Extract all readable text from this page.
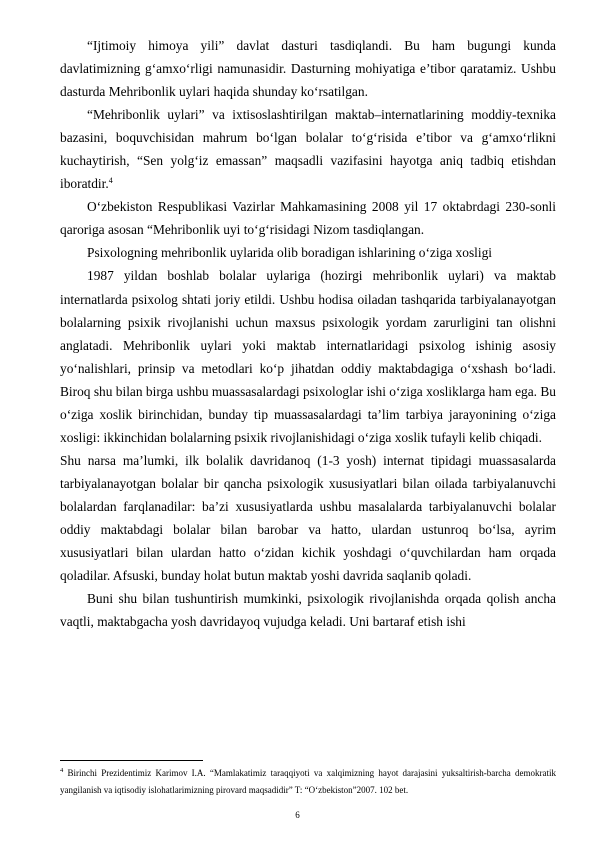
“Ijtimoiy himoya yili” davlat dasturi tasdiqlandi. Bu ham bugungi kunda davlatimizning g‘amxo‘rligi namunasidir. Dasturning mohiyatiga e’tibor qaratamiz. Ushbu dasturda Mehribonlik uylari haqida shunday ko‘rsatilgan.

“Mehribonlik uylari” va ixtisoslashtirilgan maktab–internatlarining moddiy-texnika bazasini, boquvchisidan mahrum bo‘lgan bolalar to‘g‘risida e’tibor va g‘amxo‘rlikni kuchaytirish, “Sen yolg‘iz emassan” maqsadli vazifasini hayotga aniq tadbiq etishdan iboratdir.$^4$

O‘zbekiston Respublikasi Vazirlar Mahkamasining 2008 yil 17 oktabrdagi 230-sonli qaroriga asosan “Mehribonlik uyi to‘g‘risidagi Nizom tasdiqlangan.

Psixologning mehribonlik uylarida olib boradigan ishlarining o‘ziga xosligi

1987 yildan boshlab bolalar uylariga (hozirgi mehribonlik uylari) va maktab internatlarda psixolog shtati joriy etildi. Ushbu hodisa oiladan tashqarida tarbiyalanayotgan bolalarning psixik rivojlanishi uchun maxsus psixologik yordam zarurligini tan olishni anglatadi. Mehribonlik uylari yoki maktab internatlaridagi psixolog ishinig asosiy yo‘nalishlari, prinsip va metodlari ko‘p jihatdan oddiy maktabdagiga o‘xshash bo‘ladi. Biroq shu bilan birga ushbu muassasalardagi psixologlar ishi o‘ziga xosliklarga ham ega. Bu o‘ziga xoslik birinchidan, bunday tip muassasalardagi ta’lim tarbiya jarayonining o‘ziga xosligi: ikkinchidan bolalarning psixik rivojlanishidagi o‘ziga xoslik tufayli kelib chiqadi.

Shu narsa ma’lumki, ilk bolalik davridanoq (1-3 yosh) internat tipidagi muassasalarda tarbiyalanayotgan bolalar bir qancha psixologik xususiyatlari bilan oilada tarbiyalanuvchi bolalardan farqlanadilar: ba’zi xususiyatlarda ushbu masalalarda tarbiyalanuvchi bolalar oddiy maktabdagi bolalar bilan barobar va hatto, ulardan ustunroq bo‘lsa, ayrim xususiyatlari bilan ulardan hatto o‘zidan kichik yoshdagi o‘quvchilardan ham orqada qoladilar. Afsuski, bunday holat butun maktab yoshi davrida saqlanib qoladi.

Buni shu bilan tushuntirish mumkinki, psixologik rivojlanishda orqada qolish ancha vaqtli, maktabgacha yosh davridayoq vujudga keladi. Uni bartaraf etish ishi

$^4$ Birinchi Prezidentimiz Karimov I.A. “Mamlakatimiz taraqqiyoti va xalqimizning hayot darajasini yuksaltirish-barcha demokratik yangilanish va iqtisodiy islohatlarimizning pirovard maqsadidir” T: “O‘zbekiston”2007. 102 bet.

6
